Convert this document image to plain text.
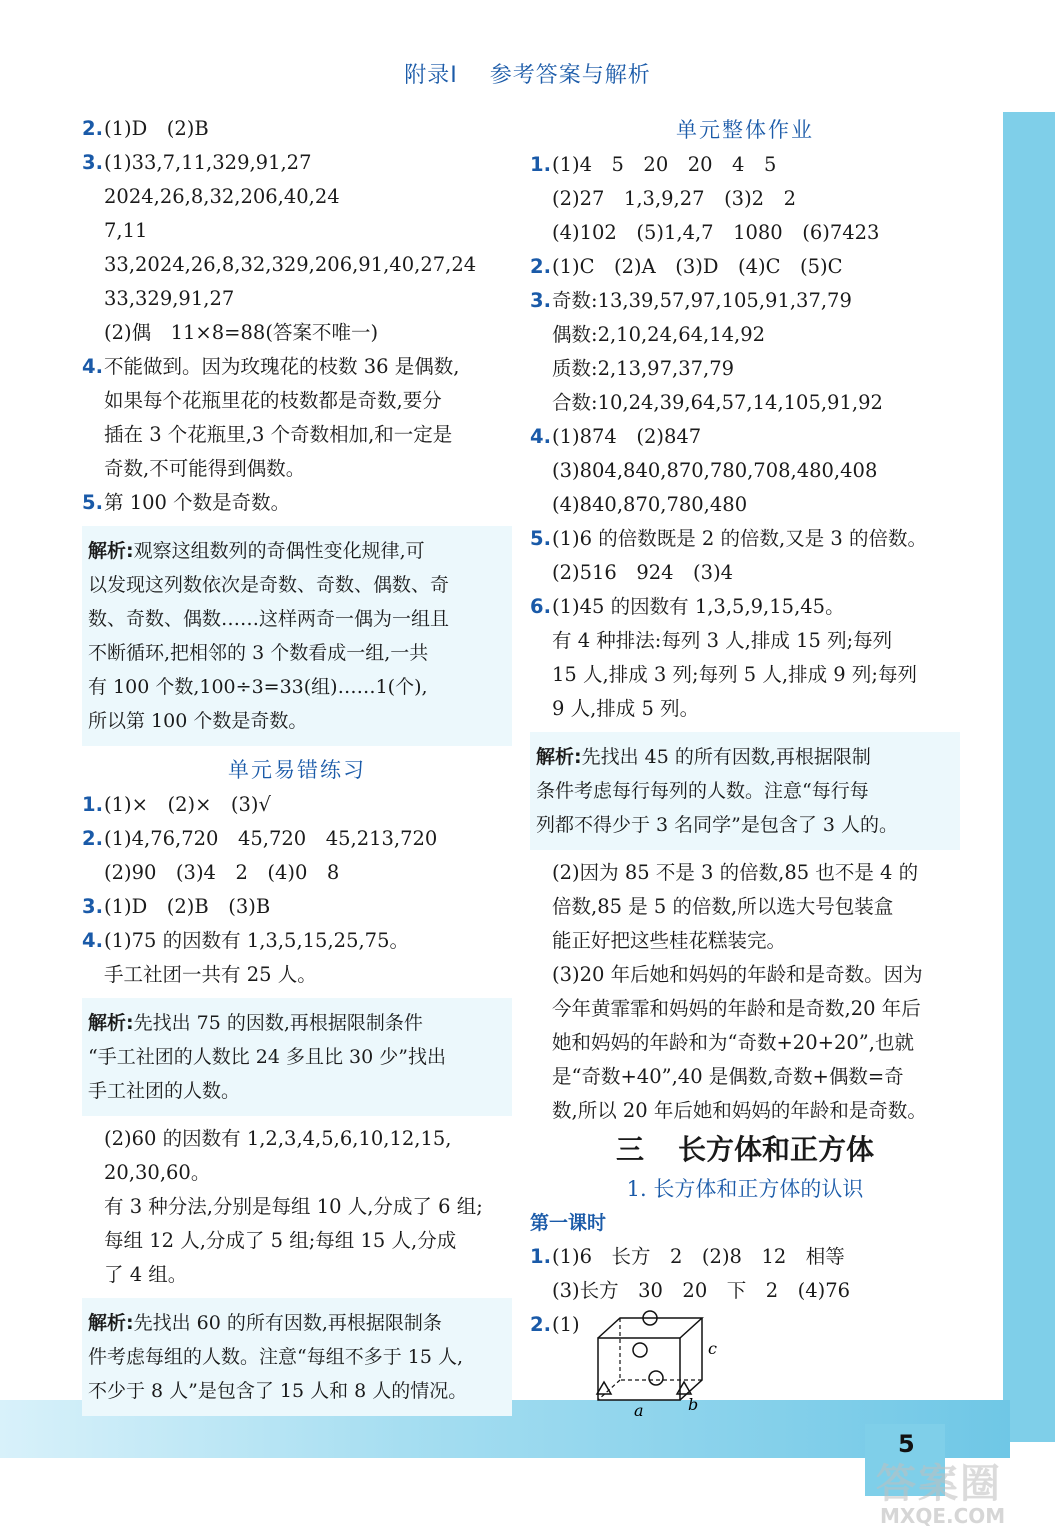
附录Ⅰ 参考答案与解析
5
答案圈
MXQE.COM
2.(1)D　(2)B
3.(1)33,7,11,329,91,27
2024,26,8,32,206,40,24
7,11
33,2024,26,8,32,329,206,91,40,27,24
33,329,91,27
(2)偶　11×8=88(答案不唯一)
4.不能做到。因为玫瑰花的枝数 36 是偶数,
如果每个花瓶里花的枝数都是奇数,要分
插在 3 个花瓶里,3 个奇数相加,和一定是
奇数,不可能得到偶数。
5.第 100 个数是奇数。
解析:观察这组数列的奇偶性变化规律,可
以发现这列数依次是奇数、奇数、偶数、奇
数、奇数、偶数……这样两奇一偶为一组且
不断循环,把相邻的 3 个数看成一组,一共
有 100 个数,100÷3=33(组)……1(个),
所以第 100 个数是奇数。
单元易错练习
1.(1)×　(2)×　(3)√
2.(1)4,76,720　45,720　45,213,720
(2)90　(3)4　2　(4)0　8
3.(1)D　(2)B　(3)B
4.(1)75 的因数有 1,3,5,15,25,75。
手工社团一共有 25 人。
解析:先找出 75 的因数,再根据限制条件
“手工社团的人数比 24 多且比 30 少”找出
手工社团的人数。
(2)60 的因数有 1,2,3,4,5,6,10,12,15,
20,30,60。
有 3 种分法,分别是每组 10 人,分成了 6 组;
每组 12 人,分成了 5 组;每组 15 人,分成
了 4 组。
解析:先找出 60 的所有因数,再根据限制条
件考虑每组的人数。注意“每组不多于 15 人,
不少于 8 人”是包含了 15 人和 8 人的情况。
单元整体作业
1.(1)4　5　20　20　4　5
(2)27　1,3,9,27　(3)2　2
(4)102　(5)1,4,7　1080　(6)7423
2.(1)C　(2)A　(3)D　(4)C　(5)C
3.奇数:13,39,57,97,105,91,37,79
偶数:2,10,24,64,14,92
质数:2,13,97,37,79
合数:10,24,39,64,57,14,105,91,92
4.(1)874　(2)847
(3)804,840,870,780,708,480,408
(4)840,870,780,480
5.(1)6 的倍数既是 2 的倍数,又是 3 的倍数。
(2)516　924　(3)4
6.(1)45 的因数有 1,3,5,9,15,45。
有 4 种排法:每列 3 人,排成 15 列;每列
15 人,排成 3 列;每列 5 人,排成 9 列;每列
9 人,排成 5 列。
解析:先找出 45 的所有因数,再根据限制
条件考虑每行每列的人数。注意“每行每
列都不得少于 3 名同学”是包含了 3 人的。
(2)因为 85 不是 3 的倍数,85 也不是 4 的
倍数,85 是 5 的倍数,所以选大号包装盒
能正好把这些桂花糕装完。
(3)20 年后她和妈妈的年龄和是奇数。因为
今年黄霏霏和妈妈的年龄和是奇数,20 年后
她和妈妈的年龄和为“奇数+20+20”,也就
是“奇数+40”,40 是偶数,奇数+偶数=奇
数,所以 20 年后她和妈妈的年龄和是奇数。
三 长方体和正方体
1. 长方体和正方体的认识
第一课时
1.(1)6　长方　2　(2)8　12　相等
(3)长方　30　20　下　2　(4)76
2. (1)
a	b
c
